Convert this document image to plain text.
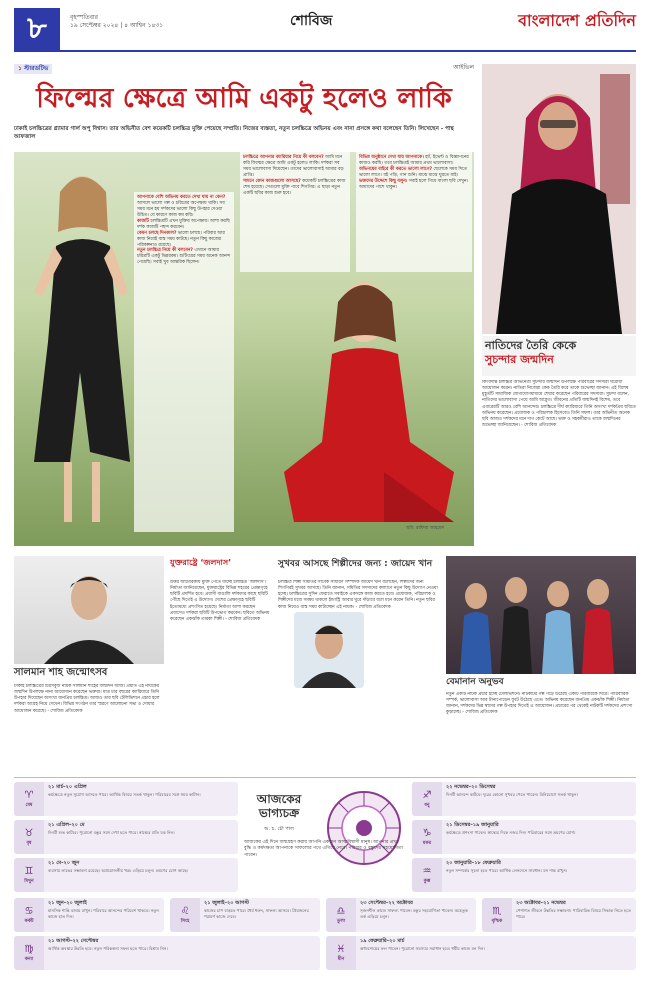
৮	বৃহস্পতিবার
১৯ সেপ্টেম্বর ২০২৪ | ৪ আশ্বিন ১৪৩১	শোবিজ	বাংলাদেশ প্রতিদিন
১ স্টারডটিভ	আইভিল
ফিল্মের ক্ষেত্রে আমি একটু হলেও লাকি
ঢাকাই চলচ্চিত্রের গ্ল্যামার গার্ল অপু বিশ্বাস। তার অভিনীত বেশ কয়েকটি চলচ্চিত্র মুক্তি পেয়েছে সম্প্রতি। নিজের ব্যস্ততা, নতুন চলচ্চিত্রে অভিনয় এবং নানা প্রসঙ্গে কথা বলেছেন তিনি। লিখেছেন - পান্থ আফজাল
আপনাকে বেশি অভিনয় করতে দেখা যায় না কেন? আসলে ভালো গল্প ও চরিত্রের অপেক্ষায় থাকি। সব সময় মনে হয় দর্শকদের ভালো কিছু উপহার দেওয়া উচিত। যে কারণে কাজ কম করি।
কাজটি চলচ্চিত্রটি এখন মুক্তির অপেক্ষায়। আশা করছি দর্শক কাজটি পছন্দ করবেন।
কেমন চলছে দিনকাল? ভালো চলছে। পরিবার আর কাজ নিয়েই ব্যস্ত সময় কাটছে। নতুন কিছু কাজের পরিকল্পনাও রয়েছে।
নতুন চলচ্চিত্র নিয়ে কী বলবেন? এখানে আমার চরিত্রটি একটু ভিন্নরকম। শুটিংয়ের সময় অনেক আনন্দ পেয়েছি। সবাই খুব আন্তরিক ছিলেন।
চলচ্চিত্রে আপনার ক্যারিয়ার নিয়ে কী বলবেন? আমি মনে করি ফিল্মের ক্ষেত্রে আমি একটু হলেও লাকি। দর্শকরা সব সময় ভালোবাসা দিয়েছেন। তাদের ভালোবাসাই আমার বড় প্রাপ্তি।
সামনে কোন কাজগুলো আসছে? কয়েকটি চলচ্চিত্রের কাজ শেষ হয়েছে। সেগুলো মুক্তি পাবে শিগগির। এ ছাড়া নতুন একটি ছবির কাজ শুরু হবে।
বিভিন্ন অনুষ্ঠানে দেখা যায় আপনাকে। হ্যাঁ, ইভেন্ট ও বিজ্ঞাপনের কাজও করছি। তবে চলচ্চিত্রই আমার প্রথম ভালোবাসা।
অভিনয়ের বাইরে কী করতে ভালো লাগে? ছেলেকে সময় দিতে ভালো লাগে। বই পড়ি, গান শুনি। মাঝে মাঝে ঘুরতে যাই।
ভক্তদের উদ্দেশে কিছু বলুন। সবাই হলে গিয়ে বাংলা ছবি দেখুন। আমাদের পাশে থাকুন।
ছবি: রাফিয়া আহমেদ
নাতিদের তৈরি কেকে
সুচন্দার জন্মদিন
কিংবদন্তি চলচ্চিত্র অভিনেত্রী সুচন্দার জন্মদিন উপলক্ষে পরিবারের সদস্যরা ঘরোয়া আয়োজন করেন। নাতিরা নিজেরা কেক তৈরি করে তাকে শুভেচ্ছা জানান। এই বিশেষ মুহূর্তটি সামাজিক যোগাযোগমাধ্যমে শেয়ার করেছেন পরিবারের সদস্যরা। সুচন্দা বলেন, নাতিদের ভালোবাসা পেয়ে আমি আপ্লুত। জীবনের প্রতিটি জন্মদিনই বিশেষ, তবে এবারেরটি আরও বেশি আনন্দের। চলচ্চিত্রে দীর্ঘ ক্যারিয়ারে তিনি অসংখ্য দর্শকপ্রিয় ছবিতে অভিনয় করেছেন। প্রযোজক ও পরিচালক হিসেবেও তিনি সফল। তার অভিনীত অনেক ছবি আজও দর্শকদের মনে দাগ কেটে আছে। ভক্ত ও সহকর্মীরাও তাকে জন্মদিনের শুভেচ্ছা জানিয়েছেন। - শোবিজ প্রতিবেদক
সালমান শাহ জন্মোৎসব
ঢাকাই চলচ্চিত্রের চিরসবুজ নায়ক সালমান শাহের জন্মদিন আজ। প্রয়াত এই নায়কের জন্মদিন উপলক্ষে নানা আয়োজন করেছেন ভক্তরা। মাত্র চার বছরের ক্যারিয়ারে তিনি উপহার দিয়েছেন অসংখ্য জনপ্রিয় চলচ্চিত্র। আজও তার ছবি টেলিভিশনে প্রচার হলে দর্শকরা আগ্রহ নিয়ে দেখেন। বিভিন্ন সংগঠন তার স্মরণে আলোচনা সভা ও দোয়ার আয়োজন করেছে। - শোবিজ প্রতিবেদক
যুক্তরাষ্ট্রে ‘জলদাস’
উত্তর আমেরিকায় মুক্তি পেতে যাচ্ছে চলচ্চিত্র ‘জলদাস’। নির্মাতা জানিয়েছেন, যুক্তরাষ্ট্রের বিভিন্ন শহরের প্রেক্ষাগৃহে ছবিটি প্রদর্শিত হবে। প্রবাসী বাঙালি দর্শকদের কাছে ছবিটি পৌঁছে দিতেই এ উদ্যোগ। দেশের প্রেক্ষাগৃহে ছবিটি ইতোমধ্যে প্রশংসিত হয়েছে। নির্মাতা আশা করছেন প্রবাসেও দর্শকরা ছবিটি উপভোগ করবেন। ছবিতে অভিনয় করেছেন একঝাঁক তারকা শিল্পী। - শোবিজ প্রতিবেদক
সুখবর আসছে শিল্পীদের জন্য : জায়েদ খান
চলচ্চিত্র শিল্পী সমিতির সাবেক সাধারণ সম্পাদক জায়েদ খান বলেছেন, শিল্পীদের জন্য শিগগিরই সুখবর আসছে। তিনি জানান, সমিতির সদস্যদের কল্যাণে নতুন কিছু উদ্যোগ নেওয়া হচ্ছে। চলচ্চিত্রের সুদিন ফেরাতে সবাইকে একসঙ্গে কাজ করতে হবে। প্রযোজক, পরিচালক ও শিল্পীদের মধ্যে সমন্বয় থাকলে ইন্ডাস্ট্রি আবার ঘুরে দাঁড়াবে বলে মনে করেন তিনি। নতুন ছবির কাজ নিয়েও ব্যস্ত সময় কাটাচ্ছেন এই নায়ক। - শোবিজ প্রতিবেদক
বেমানান অনুভব
নতুন একটি নাটক প্রচার হচ্ছে টেলিভিশনে। নাটকটির গল্প গড়ে উঠেছে একটি পরিবারকে ঘিরে। পারিবারিক সম্পর্ক, ভালোবাসা আর টানাপোড়েন ফুটে উঠেছে এতে। অভিনয় করেছেন জনপ্রিয় একঝাঁক শিল্পী। নির্মাতা জানান, দর্শকদের ভিন্ন স্বাদের গল্প উপহার দিতেই এ আয়োজন। প্রচারের পর থেকেই নাটকটি দর্শকদের প্রশংসা কুড়াচ্ছে। - শোবিজ প্রতিবেদক
♈
মেষ
২১ মার্চ–২০ এপ্রিল
কর্মক্ষেত্রে নতুন সুযোগ আসতে পারে। আর্থিক বিষয়ে সতর্ক থাকুন। পরিবারের সঙ্গে সময় কাটান।
♉
বৃষ
২১ এপ্রিল–২০ মে
দিনটি শুভ কাটবে। পুরোনো বন্ধুর সঙ্গে দেখা হতে পারে। স্বাস্থ্যের প্রতি যত্ন নিন।
♊
মিথুন
২১ মে–২০ জুন
ব্যবসায় লাভের সম্ভাবনা রয়েছে। অপ্রয়োজনীয় খরচ এড়িয়ে চলুন। ভ্রমণের যোগ আছে।
আজকের ভাগ্যচক্র
অ. চ. চৌ পাল
আজকের এই দিনে জন্মগ্রহণ করায় আপনি একজন আত্মবিশ্বাসী মানুষ। আপনার প্রখর বুদ্ধি ও কর্মদক্ষতা আপনাকে সাফল্যের পথে এগিয়ে নেবে। পরিবার ও বন্ধুদের সহযোগিতা পাবেন।
♐
ধনু
২২ নভেম্বর–২০ ডিসেম্বর
দিনটি আনন্দে কাটবে। দূরের কোনো সুখবর পেতে পারেন। বিনিয়োগে সতর্ক থাকুন।
♑
মকর
২১ ডিসেম্বর–১৯ জানুয়ারি
কর্মক্ষেত্রে প্রশংসা পাবেন। স্বাস্থ্যের দিকে নজর দিন। পরিবারের সঙ্গে ভ্রমণের যোগ।
♒
কুম্ভ
২০ জানুয়ারি–১৮ ফেব্রুয়ারি
নতুন সম্পর্কের সূচনা হতে পারে। আর্থিক লেনদেনে সাবধান। মন শান্ত রাখুন।
♋
কর্কট
২১ জুন–২০ জুলাই
মানসিক শান্তি বজায় রাখুন। পরিবারে আনন্দের পরিবেশ থাকবে। নতুন কাজে হাত দিন।	♌
সিংহ
২১ জুলাই–২০ আগস্ট
কাজের চাপ বাড়তে পারে। ধৈর্য ধরুন, সাফল্য আসবে। প্রিয়জনের পরামর্শ কাজে দেবে।	♎
তুলা
২৩ সেপ্টেম্বর–২২ অক্টোবর
সৃজনশীল কাজে সাফল্য পাবেন। বন্ধুর সহযোগিতা পাবেন। অহেতুক তর্ক এড়িয়ে চলুন।	♏
বৃশ্চিক
২৩ অক্টোবর–২১ নভেম্বর
পেশাগত জীবনে উন্নতির সম্ভাবনা। পারিবারিক বিষয়ে সিদ্ধান্ত নিতে হতে পারে।
♍
কন্যা
২১ আগস্ট–২২ সেপ্টেম্বর
আর্থিক অবস্থার উন্নতি হবে। নতুন পরিকল্পনা সফল হতে পারে। বিশ্রাম নিন।	♓
মীন
১৯ ফেব্রুয়ারি–২০ মার্চ
অধ্যবসায়ের ফল পাবেন। পুরোনো সমস্যার সমাধান হবে। ধর্মীয় কাজে মন দিন।
